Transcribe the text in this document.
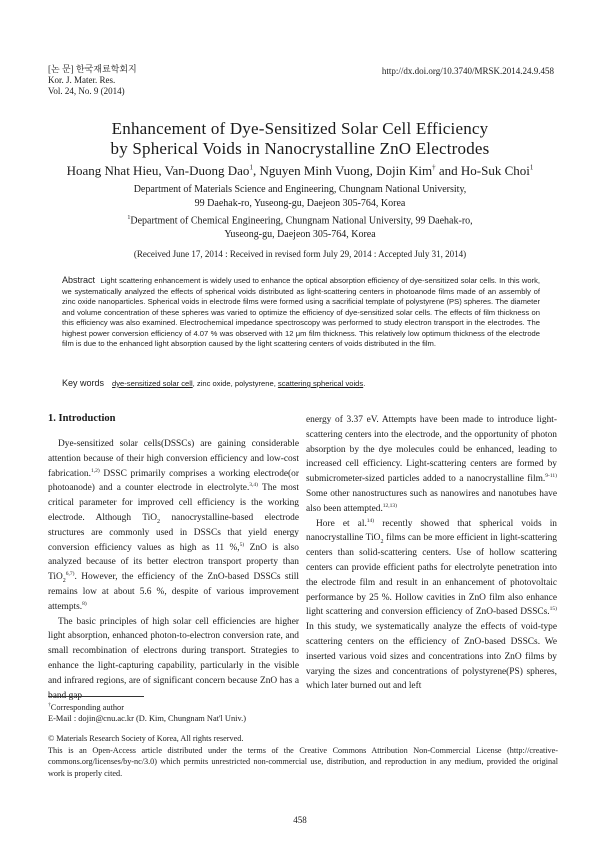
[논 문] 한국재료학회지
Kor. J. Mater. Res.
Vol. 24, No. 9 (2014)
http://dx.doi.org/10.3740/MRSK.2014.24.9.458
Enhancement of Dye-Sensitized Solar Cell Efficiency
by Spherical Voids in Nanocrystalline ZnO Electrodes
Hoang Nhat Hieu, Van-Duong Dao$^1$, Nguyen Minh Vuong, Dojin Kim† and Ho-Suk Choi$^1$
Department of Materials Science and Engineering, Chungnam National University,
99 Daehak-ro, Yuseong-gu, Daejeon 305-764, Korea
$^1$Department of Chemical Engineering, Chungnam National University, 99 Daehak-ro,
Yuseong-gu, Daejeon 305-764, Korea
(Received June 17, 2014 : Received in revised form July 29, 2014 : Accepted July 31, 2014)
Abstract Light scattering enhancement is widely used to enhance the optical absorption efficiency of dye-sensitized solar cells. In this work, we systematically analyzed the effects of spherical voids distributed as light-scattering centers in photoanode films made of an assembly of zinc oxide nanoparticles. Spherical voids in electrode films were formed using a sacrificial template of polystyrene (PS) spheres. The diameter and volume concentration of these spheres was varied to optimize the efficiency of dye-sensitized solar cells. The effects of film thickness on this efficiency was also examined. Electrochemical impedance spectroscopy was performed to study electron transport in the electrodes. The highest power conversion efficiency of 4.07 % was observed with 12 μm film thickness. This relatively low optimum thickness of the electrode film is due to the enhanced light absorption caused by the light scattering centers of voids distributed in the film.
Key words dye-sensitized solar cell, zinc oxide, polystyrene, scattering spherical voids.
1. Introduction

Dye-sensitized solar cells(DSSCs) are gaining considerable attention because of their high conversion efficiency and low-cost fabrication.$^{1,2)}$ DSSC primarily comprises a working electrode(or photoanode) and a counter electrode in electrolyte.$^{3,4)}$ The most critical parameter for improved cell efficiency is the working electrode. Although TiO$_2$ nanocrystalline-based electrode structures are commonly used in DSSCs that yield energy conversion efficiency values as high as 11 %,$^{5)}$ ZnO is also analyzed because of its better electron transport property than TiO$_2^{6,7)}$. However, the efficiency of the ZnO-based DSSCs still remains low at about 5.6 %, despite of various improvement attempts.$^{8)}$

The basic principles of high solar cell efficiencies are higher light absorption, enhanced photon-to-electron conversion rate, and small recombination of electrons during transport. Strategies to enhance the light-capturing capability, particularly in the visible and infrared regions, are of significant concern because ZnO has a band gap

energy of 3.37 eV. Attempts have been made to introduce light-scattering centers into the electrode, and the opportunity of photon absorption by the dye molecules could be enhanced, leading to increased cell efficiency. Light-scattering centers are formed by submicrometer-sized particles added to a nanocrystalline film.$^{9-11)}$ Some other nanostructures such as nanowires and nanotubes have also been attempted.$^{12,13)}$

Hore et al.$^{14)}$ recently showed that spherical voids in nanocrystalline TiO$_2$ films can be more efficient in light-scattering centers than solid-scattering centers. Use of hollow scattering centers can provide efficient paths for electrolyte penetration into the electrode film and result in an enhancement of photovoltaic performance by 25 %. Hollow cavities in ZnO film also enhance light scattering and conversion efficiency of ZnO-based DSSCs.$^{15)}$ In this study, we systematically analyze the effects of void-type scattering centers on the efficiency of ZnO-based DSSCs. We inserted various void sizes and concentrations into ZnO films by varying the sizes and concentrations of polystyrene(PS) spheres, which later burned out and left

†Corresponding author

E-Mail : dojin@cnu.ac.kr (D. Kim, Chungnam Nat'l Univ.)

© Materials Research Society of Korea, All rights reserved.

This is an Open-Access article distributed under the terms of the Creative Commons Attribution Non-Commercial License (http://creative-commons.org/licenses/by-nc/3.0) which permits unrestricted non-commercial use, distribution, and reproduction in any medium, provided the original work is properly cited.

458
